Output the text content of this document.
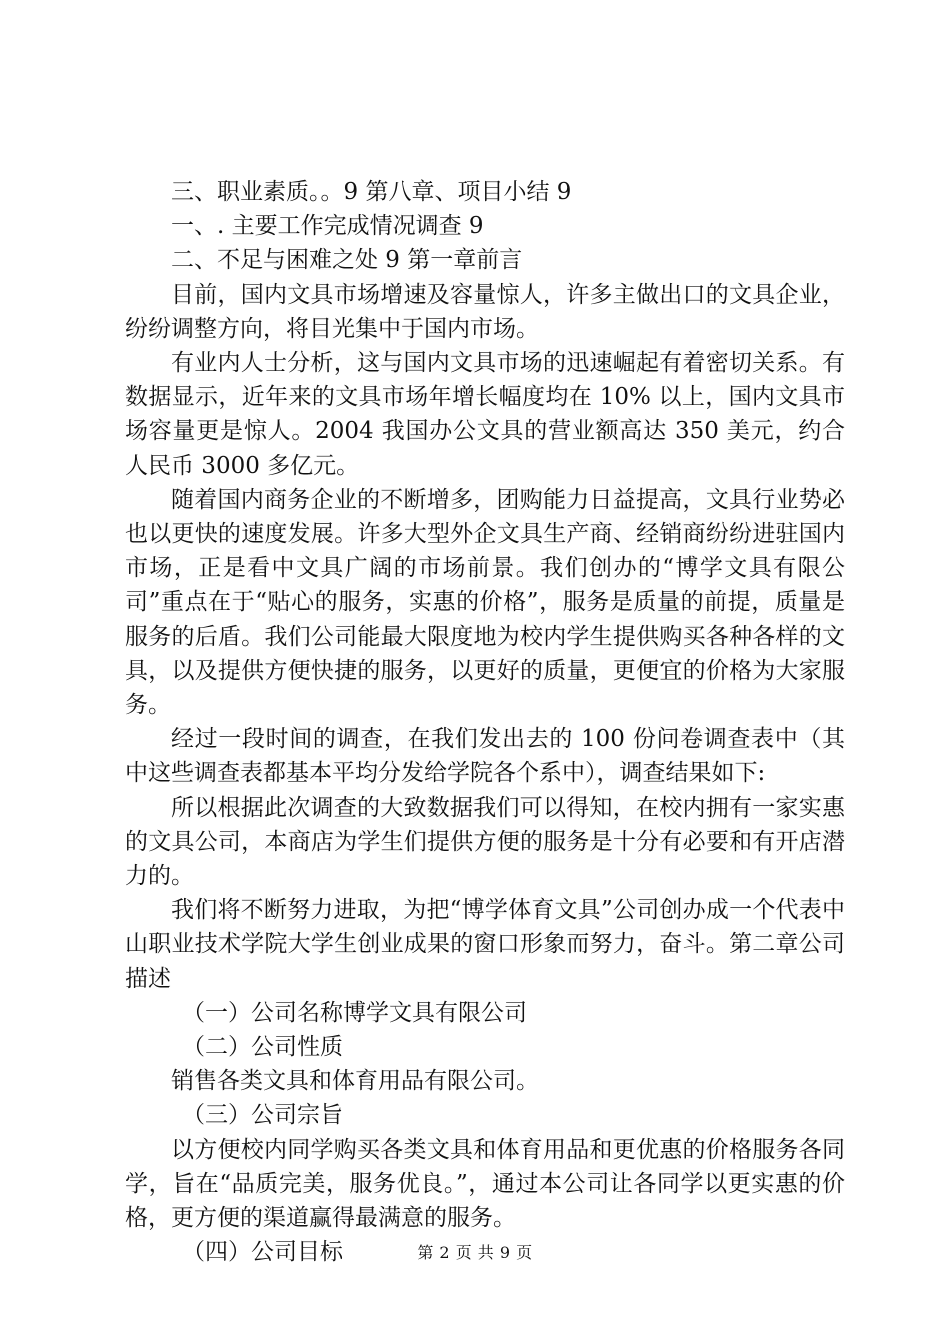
三、职业素质。。9 第八章、项目小结 9
一、. 主要工作完成情况调查 9
二、不足与困难之处 9 第一章前言

目前，国内文具市场增速及容量惊人，许多主做出口的文具企业，纷纷调整方向，将目光集中于国内市场。

有业内人士分析，这与国内文具市场的迅速崛起有着密切关系。有数据显示，近年来的文具市场年增长幅度均在 10% 以上，国内文具市场容量更是惊人。2004 我国办公文具的营业额高达 350 美元，约合人民币 3000 多亿元。

随着国内商务企业的不断增多，团购能力日益提高，文具行业势必也以更快的速度发展。许多大型外企文具生产商、经销商纷纷进驻国内市场，正是看中文具广阔的市场前景。我们创办的“博学文具有限公司”重点在于“贴心的服务，实惠的价格”，服务是质量的前提，质量是服务的后盾。我们公司能最大限度地为校内学生提供购买各种各样的文具，以及提供方便快捷的服务，以更好的质量，更便宜的价格为大家服务。

经过一段时间的调查，在我们发出去的 100 份问卷调查表中（其中这些调查表都基本平均分发给学院各个系中），调查结果如下:

所以根据此次调查的大致数据我们可以得知，在校内拥有一家实惠的文具公司，本商店为学生们提供方便的服务是十分有必要和有开店潜力的。

我们将不断努力进取，为把“博学体育文具”公司创办成一个代表中山职业技术学院大学生创业成果的窗口形象而努力，奋斗。第二章公司描述

（一）公司名称博学文具有限公司
（二）公司性质
销售各类文具和体育用品有限公司。
（三）公司宗旨

以方便校内同学购买各类文具和体育用品和更优惠的价格服务各同学，旨在“品质完美，服务优良。”，通过本公司让各同学以更实惠的价格，更方便的渠道赢得最满意的服务。

（四）公司目标	第 2 页 共 9 页
